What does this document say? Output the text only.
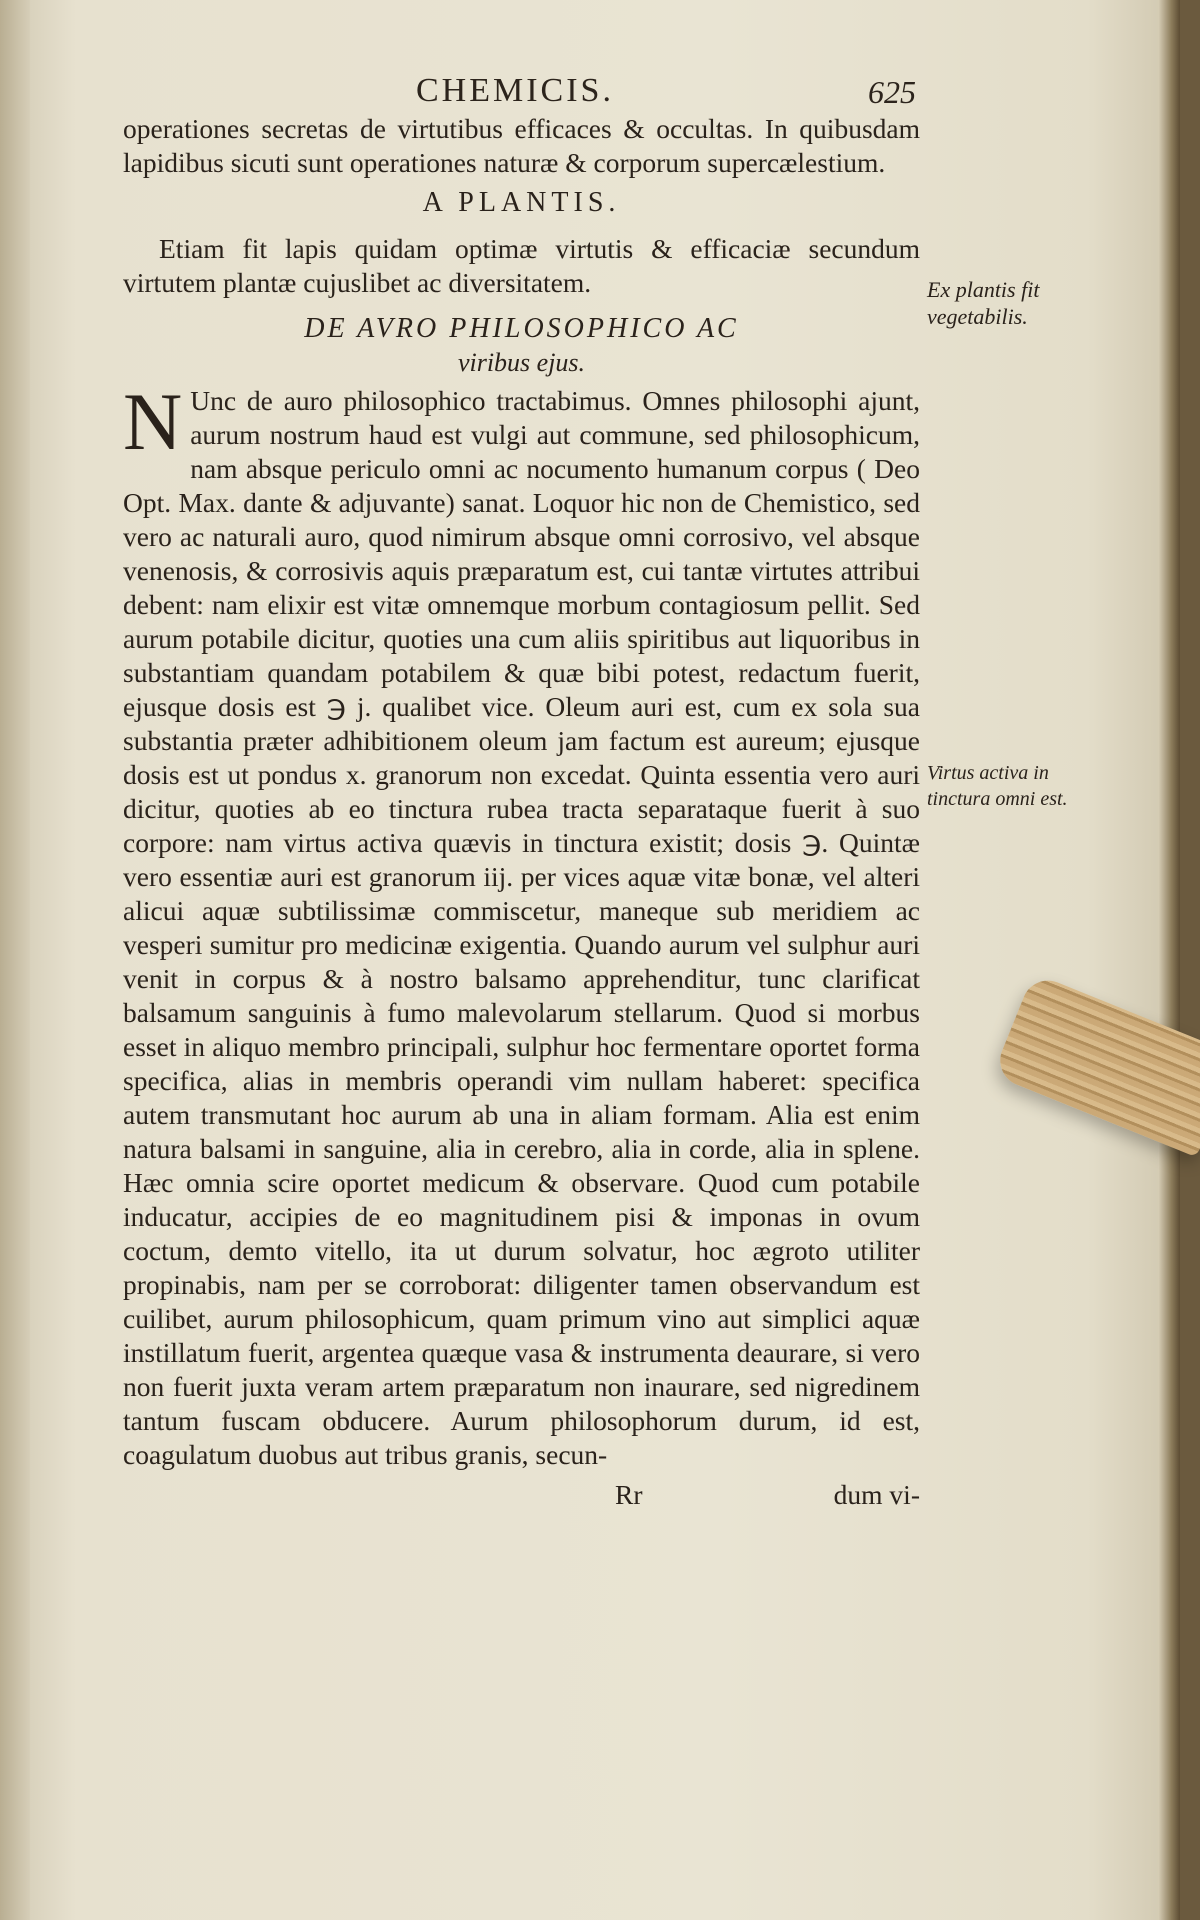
CHEMICIS.	625

operationes secretas de virtutibus efficaces & occultas. In quibusdam lapidibus sicuti sunt operationes naturæ & corporum supercælestium.

A PLANTIS.

Etiam fit lapis quidam optimæ virtutis & efficaciæ secundum virtutem plantæ cujuslibet ac diversitatem.

DE AVRO PHILOSOPHICO AC

viribus ejus.

N Unc de auro philosophico tractabimus. Omnes philosophi ajunt, aurum nostrum haud est vulgi aut commune, sed philosophicum, nam absque periculo omni ac nocumento humanum corpus ( Deo Opt. Max. dante & adjuvante) sanat. Loquor hic non de Chemistico, sed vero ac naturali auro, quod nimirum absque omni corrosivo, vel absque venenosis, & corrosivis aquis præparatum est, cui tantæ virtutes attribui debent: nam elixir est vitæ omnemque morbum contagiosum pellit. Sed aurum potabile dicitur, quoties una cum aliis spiritibus aut liquoribus in substantiam quandam potabilem & quæ bibi potest, redactum fuerit, ejusque dosis est ℈ j. qualibet vice. Oleum auri est, cum ex sola sua substantia præter adhibitionem oleum jam factum est aureum; ejusque dosis est ut pondus x. granorum non excedat. Quinta essentia vero auri dicitur, quoties ab eo tinctura rubea tracta separataque fuerit à suo corpore: nam virtus activa quævis in tinctura existit; dosis ℈. Quintæ vero essentiæ auri est granorum iij. per vices aquæ vitæ bonæ, vel alteri alicui aquæ subtilissimæ commiscetur, maneque sub meridiem ac vesperi sumitur pro medicinæ exigentia. Quando aurum vel sulphur auri venit in corpus & à nostro balsamo apprehenditur, tunc clarificat balsamum sanguinis à fumo malevolarum stellarum. Quod si morbus esset in aliquo membro principali, sulphur hoc fermentare oportet forma specifica, alias in membris operandi vim nullam haberet: specifica autem transmutant hoc aurum ab una in aliam formam. Alia est enim natura balsami in sanguine, alia in cerebro, alia in corde, alia in splene. Hæc omnia scire oportet medicum & observare. Quod cum potabile inducatur, accipies de eo magnitudinem pisi & imponas in ovum coctum, demto vitello, ita ut durum solvatur, hoc ægroto utiliter propinabis, nam per se corroborat: diligenter tamen observandum est cuilibet, aurum philosophicum, quam primum vino aut simplici aquæ instillatum fuerit, argentea quæque vasa & instrumenta deaurare, si vero non fuerit juxta veram artem præparatum non inaurare, sed nigredinem tantum fuscam obducere. Aurum philosophorum durum, id est, coagulatum duobus aut tribus granis, secun-

Rr	dum vi-

Ex plantis fit vegetabilis.
Virtus activa in tinctura omni est.
